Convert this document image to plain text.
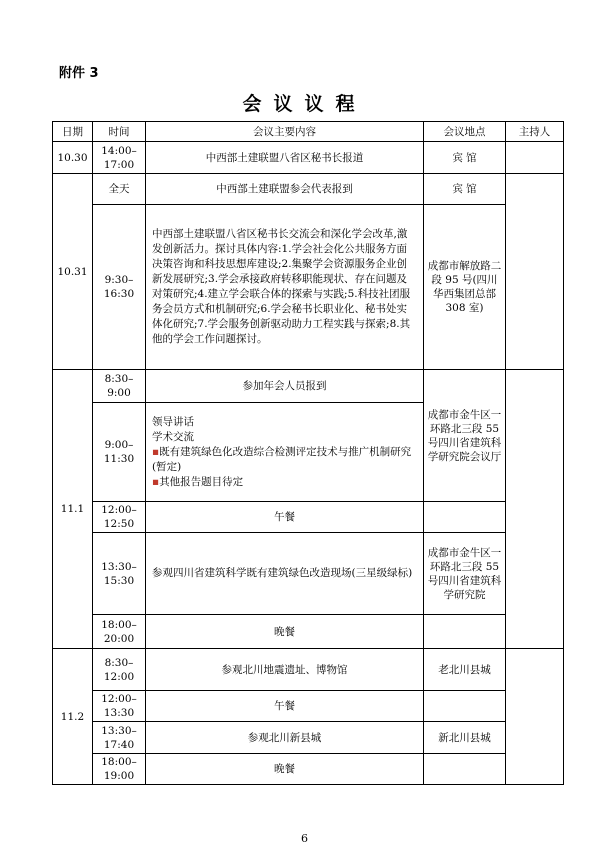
附件 3
会议议程
日期	时间	会议主要内容	会议地点	主持人
10.30	14:00–17:00	中西部土建联盟八省区秘书长报道	宾 馆	
10.31	全天	中西部土建联盟参会代表报到	宾 馆	
	9:30–16:30	中西部土建联盟八省区秘书长交流会和深化学会改革,激发创新活力。探讨具体内容:1.学会社会化公共服务方面决策咨询和科技思想库建设;2.集聚学会资源服务企业创新发展研究;3.学会承接政府转移职能现状、存在问题及对策研究;4.建立学会联合体的探索与实践;5.科技社团服务会员方式和机制研究;6.学会秘书长职业化、秘书处实体化研究;7.学会服务创新驱动助力工程实践与探索;8.其他的学会工作问题探讨。	成都市解放路二段 95 号(四川华西集团总部 308 室)	
11.1	8:30–9:00	参加年会人员报到	成都市金牛区一环路北三段 55 号四川省建筑科学研究院会议厅	
	9:00–11:30	领导讲话
学术交流
▪既有建筑绿色化改造综合检测评定技术与推广机制研究(暂定)
▪其他报告题目待定		

	12:00–12:50	午餐		
	13:30–15:30	参观四川省建筑科学既有建筑绿色改造现场(三星级绿标)	成都市金牛区一环路北三段 55 号四川省建筑科学研究院	
	18:00–20:00	晚餐		
11.2	8:30–12:00	参观北川地震遗址、博物馆	老北川县城	
	12:00–13:30	午餐		
	13:30–17:40	参观北川新县城	新北川县城	
	18:00–19:00	晚餐		
6
